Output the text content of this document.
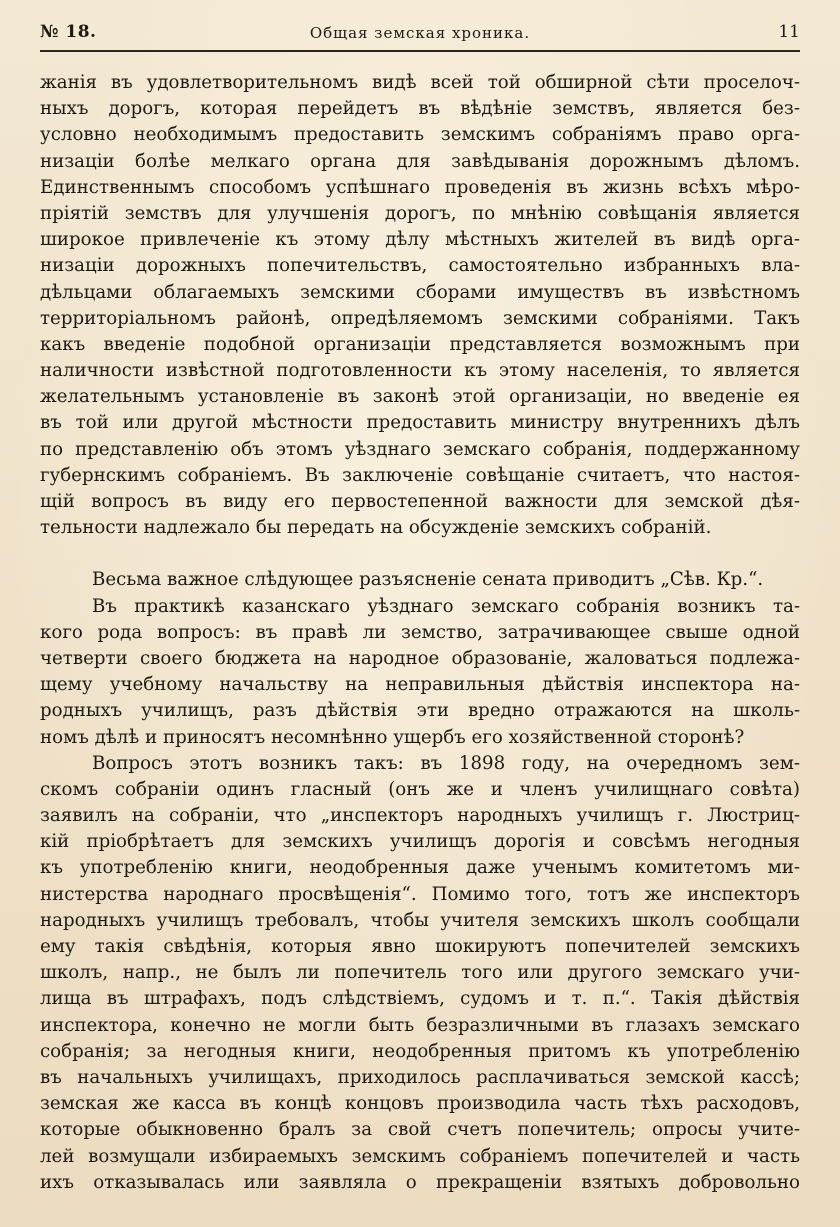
№ 18.	Общая земская хроника.	11
жанія въ удовлетворительномъ видѣ всей той обширной сѣти проселоч-
ныхъ дорогъ, которая перейдетъ въ вѣдѣніе земствъ, является без-
условно необходимымъ предоставить земскимъ собраніямъ право орга-
низаціи болѣе мелкаго органа для завѣдыванія дорожнымъ дѣломъ.
Единственнымъ способомъ успѣшнаго проведенія въ жизнь всѣхъ мѣро-
пріятій земствъ для улучшенія дорогъ, по мнѣнію совѣщанія является
широкое привлеченіе къ этому дѣлу мѣстныхъ жителей въ видѣ орга-
низаціи дорожныхъ попечительствъ, самостоятельно избранныхъ вла-
дѣльцами облагаемыхъ земскими сборами имуществъ въ извѣстномъ
территоріальномъ районѣ, опредѣляемомъ земскими собраніями. Такъ
какъ введеніе подобной организаціи представляется возможнымъ при
наличности извѣстной подготовленности къ этому населенія, то является
желательнымъ установленіе въ законѣ этой организаціи, но введеніе ея
въ той или другой мѣстности предоставить министру внутреннихъ дѣлъ
по представленію объ этомъ уѣзднаго земскаго собранія, поддержанному
губернскимъ собраніемъ. Въ заключеніе совѣщаніе считаетъ, что настоя-
щій вопросъ въ виду его первостепенной важности для земской дѣя-
тельности надлежало бы передать на обсужденіе земскихъ собраній.
Весьма важное слѣдующее разъясненіе сената приводитъ „Сѣв. Кр.“.
Въ практикѣ казанскаго уѣзднаго земскаго собранія возникъ та-
кого рода вопросъ: въ правѣ ли земство, затрачивающее свыше одной
четверти своего бюджета на народное образованіе, жаловаться подлежа-
щему учебному начальству на неправильныя дѣйствія инспектора на-
родныхъ училищъ, разъ дѣйствія эти вредно отражаются на школь-
номъ дѣлѣ и приносятъ несомнѣнно ущербъ его хозяйственной сторонѣ?
Вопросъ этотъ возникъ такъ: въ 1898 году, на очередномъ зем-
скомъ собраніи одинъ гласный (онъ же и членъ училищнаго совѣта)
заявилъ на собраніи, что „инспекторъ народныхъ училищъ г. Люстриц-
кій пріобрѣтаетъ для земскихъ училищъ дорогія и совсѣмъ негодныя
къ употребленію книги, неодобренныя даже ученымъ комитетомъ ми-
нистерства народнаго просвѣщенія“. Помимо того, тотъ же инспекторъ
народныхъ училищъ требовалъ, чтобы учителя земскихъ школъ сообщали
ему такія свѣдѣнія, которыя явно шокируютъ попечителей земскихъ
школъ, напр., не былъ ли попечитель того или другого земскаго учи-
лища въ штрафахъ, подъ слѣдствіемъ, судомъ и т. п.“. Такія дѣйствія
инспектора, конечно не могли быть безразличными въ глазахъ земскаго
собранія; за негодныя книги, неодобренныя притомъ къ употребленію
въ начальныхъ училищахъ, приходилось расплачиваться земской кассѣ;
земская же касса въ концѣ концовъ производила часть тѣхъ расходовъ,
которые обыкновенно бралъ за свой счетъ попечитель; опросы учите-
лей возмущали избираемыхъ земскимъ собраніемъ попечителей и часть
ихъ отказывалась или заявляла о прекращеніи взятыхъ добровольно
